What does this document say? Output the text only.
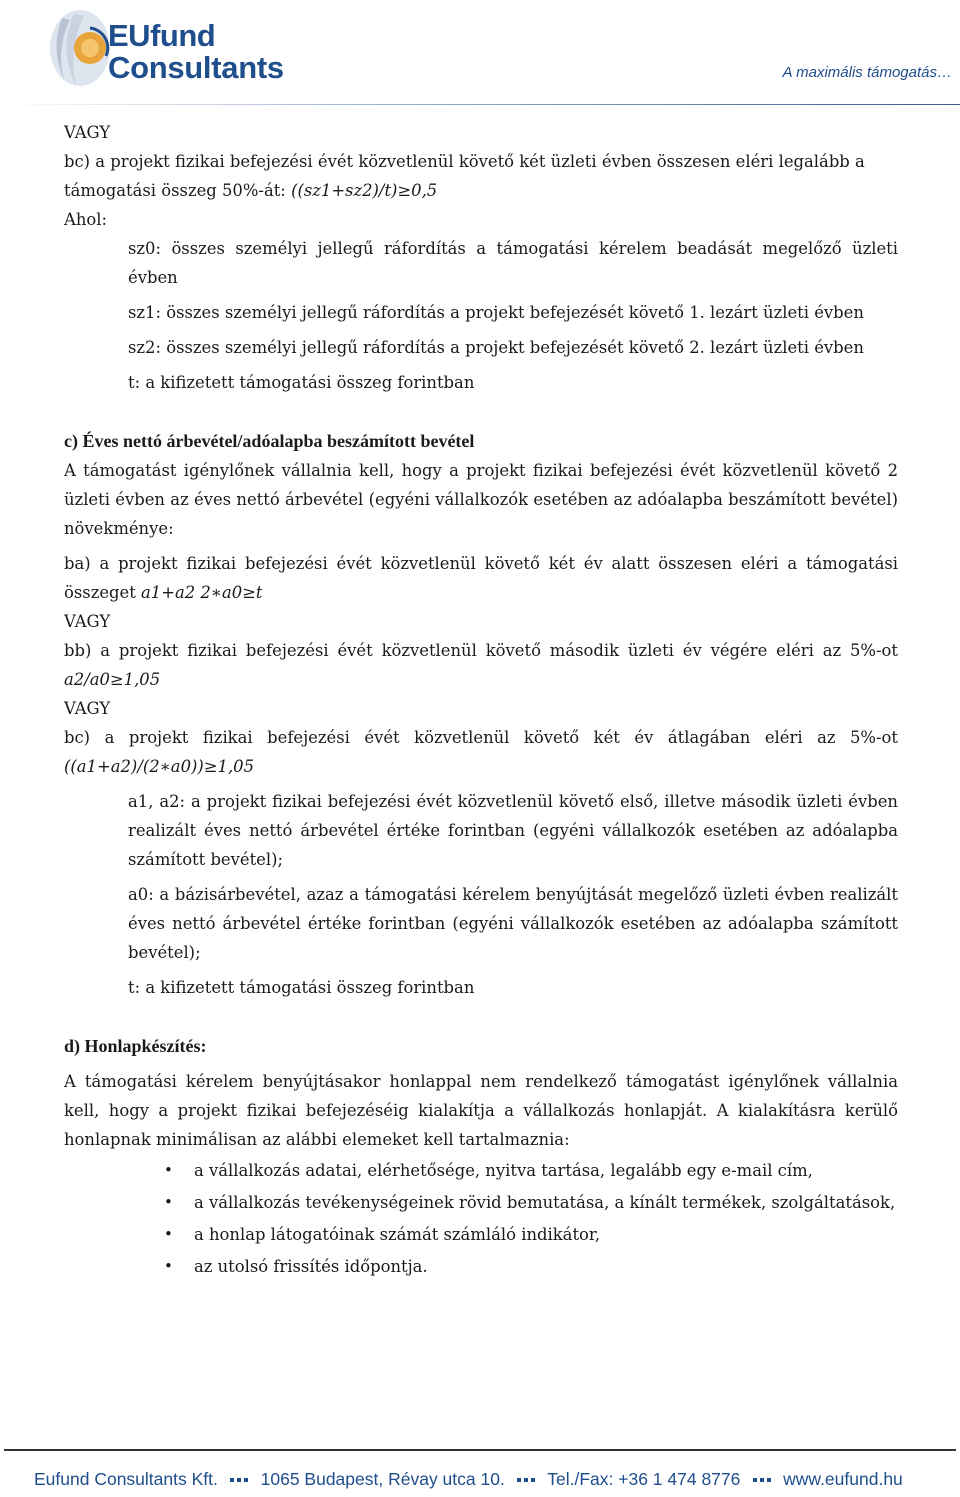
EUfund
Consultants	A maximális támogatás…

VAGY

bc) a projekt fizikai befejezési évét közvetlenül követő két üzleti évben összesen eléri legalább a támogatási összeg 50%-át: ((sz1+sz2)/t)≥0,5

Ahol:

sz0: összes személyi jellegű ráfordítás a támogatási kérelem beadását megelőző üzleti évben

sz1: összes személyi jellegű ráfordítás a projekt befejezését követő 1. lezárt üzleti évben

sz2: összes személyi jellegű ráfordítás a projekt befejezését követő 2. lezárt üzleti évben

t: a kifizetett támogatási összeg forintban

c) Éves nettó árbevétel/adóalapba beszámított bevétel

A támogatást igénylőnek vállalnia kell, hogy a projekt fizikai befejezési évét közvetlenül követő 2 üzleti évben az éves nettó árbevétel (egyéni vállalkozók esetében az adóalapba beszámított bevétel) növekménye:

ba) a projekt fizikai befejezési évét közvetlenül követő két év alatt összesen eléri a támogatási összeget a1+a2 2∗a0≥t

VAGY

bb) a projekt fizikai befejezési évét közvetlenül követő második üzleti év végére eléri az 5%-ot a2/a0≥1,05

VAGY

bc) a projekt fizikai befejezési évét közvetlenül követő két év átlagában eléri az 5%-ot ((a1+a2)/(2∗a0))≥1,05

a1, a2: a projekt fizikai befejezési évét közvetlenül követő első, illetve második üzleti évben realizált éves nettó árbevétel értéke forintban (egyéni vállalkozók esetében az adóalapba számított bevétel);

a0: a bázisárbevétel, azaz a támogatási kérelem benyújtását megelőző üzleti évben realizált éves nettó árbevétel értéke forintban (egyéni vállalkozók esetében az adóalapba számított bevétel);

t: a kifizetett támogatási összeg forintban

d) Honlapkészítés:

A támogatási kérelem benyújtásakor honlappal nem rendelkező támogatást igénylőnek vállalnia kell, hogy a projekt fizikai befejezéséig kialakítja a vállalkozás honlapját. A kialakításra kerülő honlapnak minimálisan az alábbi elemeket kell tartalmaznia:

• a vállalkozás adatai, elérhetősége, nyitva tartása, legalább egy e-mail cím,
• a vállalkozás tevékenységeinek rövid bemutatása, a kínált termékek, szolgáltatások,
• a honlap látogatóinak számát számláló indikátor,
• az utolsó frissítés időpontja.
Eufund Consultants Kft. 1065 Budapest, Révay utca 10. Tel./Fax: +36 1 474 8776 www.eufund.hu
